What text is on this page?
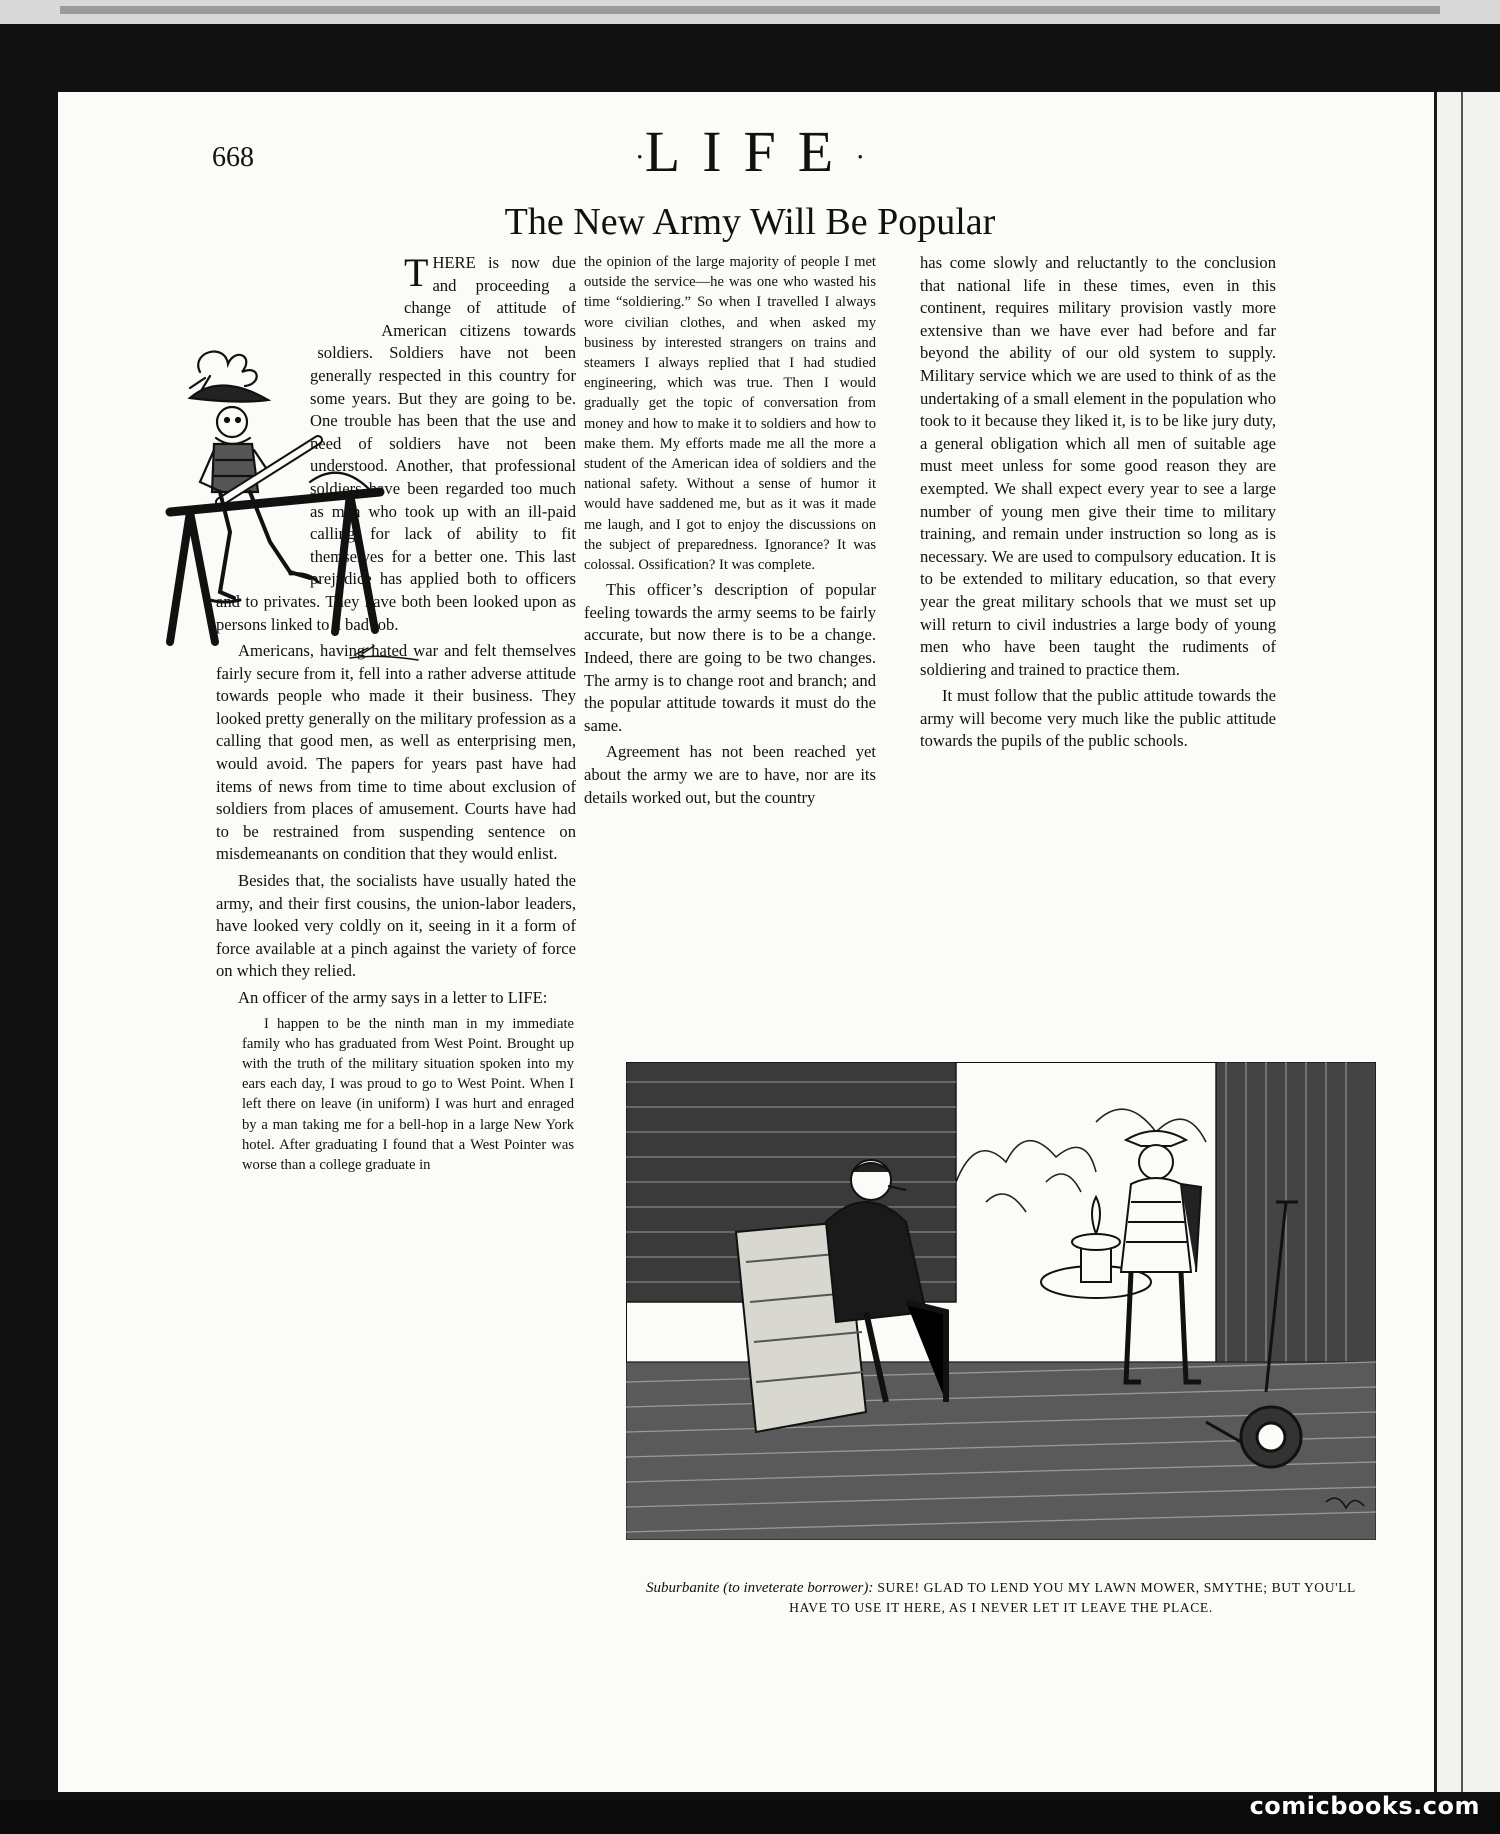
668	·LIFE·
The New Army Will Be Popular

THERE is now due and proceeding a change of attitude of American citizens towards soldiers. Soldiers have not been generally respected in this country for some years. But they are going to be. One trouble has been that the use and need of soldiers have not been understood. Another, that professional soldiers have been regarded too much as men who took up with an ill-paid calling for lack of ability to fit themselves for a better one. This last prejudice has applied both to officers and to privates. They have both been looked upon as persons linked to a bad job.

Americans, having hated war and felt themselves fairly secure from it, fell into a rather adverse attitude towards people who made it their business. They looked pretty generally on the military profession as a calling that good men, as well as enterprising men, would avoid. The papers for years past have had items of news from time to time about exclusion of soldiers from places of amusement. Courts have had to be restrained from suspending sentence on misdemeanants on condition that they would enlist.

Besides that, the socialists have usually hated the army, and their first cousins, the union-labor leaders, have looked very coldly on it, seeing in it a form of force available at a pinch against the variety of force on which they relied.

An officer of the army says in a letter to LIFE:

I happen to be the ninth man in my immediate family who has graduated from West Point. Brought up with the truth of the military situation spoken into my ears each day, I was proud to go to West Point. When I left there on leave (in uniform) I was hurt and enraged by a man taking me for a bell-hop in a large New York hotel. After graduating I found that a West Pointer was worse than a college graduate in

the opinion of the large majority of people I met outside the service—he was one who wasted his time “soldiering.” So when I travelled I always wore civilian clothes, and when asked my business by interested strangers on trains and steamers I always replied that I had studied engineering, which was true. Then I would gradually get the topic of conversation from money and how to make it to soldiers and how to make them. My efforts made me all the more a student of the American idea of soldiers and the national safety. Without a sense of humor it would have saddened me, but as it was it made me laugh, and I got to enjoy the discussions on the subject of preparedness. Ignorance? It was colossal. Ossification? It was complete.

This officer’s description of popular feeling towards the army seems to be fairly accurate, but now there is to be a change. Indeed, there are going to be two changes. The army is to change root and branch; and the popular attitude towards it must do the same.

Agreement has not been reached yet about the army we are to have, nor are its details worked out, but the country

has come slowly and reluctantly to the conclusion that national life in these times, even in this continent, requires military provision vastly more extensive than we have ever had before and far beyond the ability of our old system to supply. Military service which we are used to think of as the undertaking of a small element in the population who took to it because they liked it, is to be like jury duty, a general obligation which all men of suitable age must meet unless for some good reason they are exempted. We shall expect every year to see a large number of young men give their time to military training, and remain under instruction so long as is necessary. We are used to compulsory education. It is to be extended to military education, so that every year the great military schools that we must set up will return to civil industries a large body of young men who have been taught the rudiments of soldiering and trained to practice them.

It must follow that the public attitude towards the army will become very much like the public attitude towards the pupils of the public schools.

Suburbanite (to inveterate borrower): SURE! GLAD TO LEND YOU MY LAWN MOWER, SMYTHE; BUT YOU'LL HAVE TO USE IT HERE, AS I NEVER LET IT LEAVE THE PLACE.
comicbooks.com
